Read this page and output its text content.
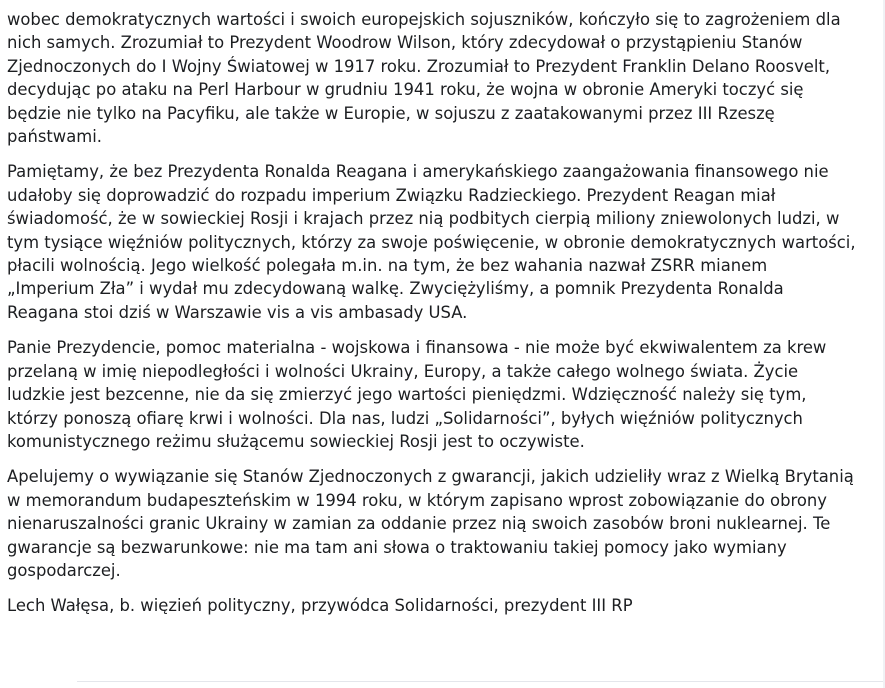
wobec demokratycznych wartości i swoich europejskich sojuszników, kończyło się to zagrożeniem dla
nich samych. Zrozumiał to Prezydent Woodrow Wilson, który zdecydował o przystąpieniu Stanów
Zjednoczonych do I Wojny Światowej w 1917 roku. Zrozumiał to Prezydent Franklin Delano Roosvelt,
decydując po ataku na Perl Harbour w grudniu 1941 roku, że wojna w obronie Ameryki toczyć się
będzie nie tylko na Pacyfiku, ale także w Europie, w sojuszu z zaatakowanymi przez III Rzeszę
państwami.

Pamiętamy, że bez Prezydenta Ronalda Reagana i amerykańskiego zaangażowania finansowego nie
udałoby się doprowadzić do rozpadu imperium Związku Radzieckiego. Prezydent Reagan miał
świadomość, że w sowieckiej Rosji i krajach przez nią podbitych cierpią miliony zniewolonych ludzi, w
tym tysiące więźniów politycznych, którzy za swoje poświęcenie, w obronie demokratycznych wartości,
płacili wolnością. Jego wielkość polegała m.in. na tym, że bez wahania nazwał ZSRR mianem
„Imperium Zła” i wydał mu zdecydowaną walkę. Zwyciężyliśmy, a pomnik Prezydenta Ronalda
Reagana stoi dziś w Warszawie vis a vis ambasady USA.

Panie Prezydencie, pomoc materialna - wojskowa i finansowa - nie może być ekwiwalentem za krew
przelaną w imię niepodległości i wolności Ukrainy, Europy, a także całego wolnego świata. Życie
ludzkie jest bezcenne, nie da się zmierzyć jego wartości pieniędzmi. Wdzięczność należy się tym,
którzy ponoszą ofiarę krwi i wolności. Dla nas, ludzi „Solidarności”, byłych więźniów politycznych
komunistycznego reżimu służącemu sowieckiej Rosji jest to oczywiste.

Apelujemy o wywiązanie się Stanów Zjednoczonych z gwarancji, jakich udzieliły wraz z Wielką Brytanią
w memorandum budapeszteńskim w 1994 roku, w którym zapisano wprost zobowiązanie do obrony
nienaruszalności granic Ukrainy w zamian za oddanie przez nią swoich zasobów broni nuklearnej. Te
gwarancje są bezwarunkowe: nie ma tam ani słowa o traktowaniu takiej pomocy jako wymiany
gospodarczej.

Lech Wałęsa, b. więzień polityczny, przywódca Solidarności, prezydent III RP
